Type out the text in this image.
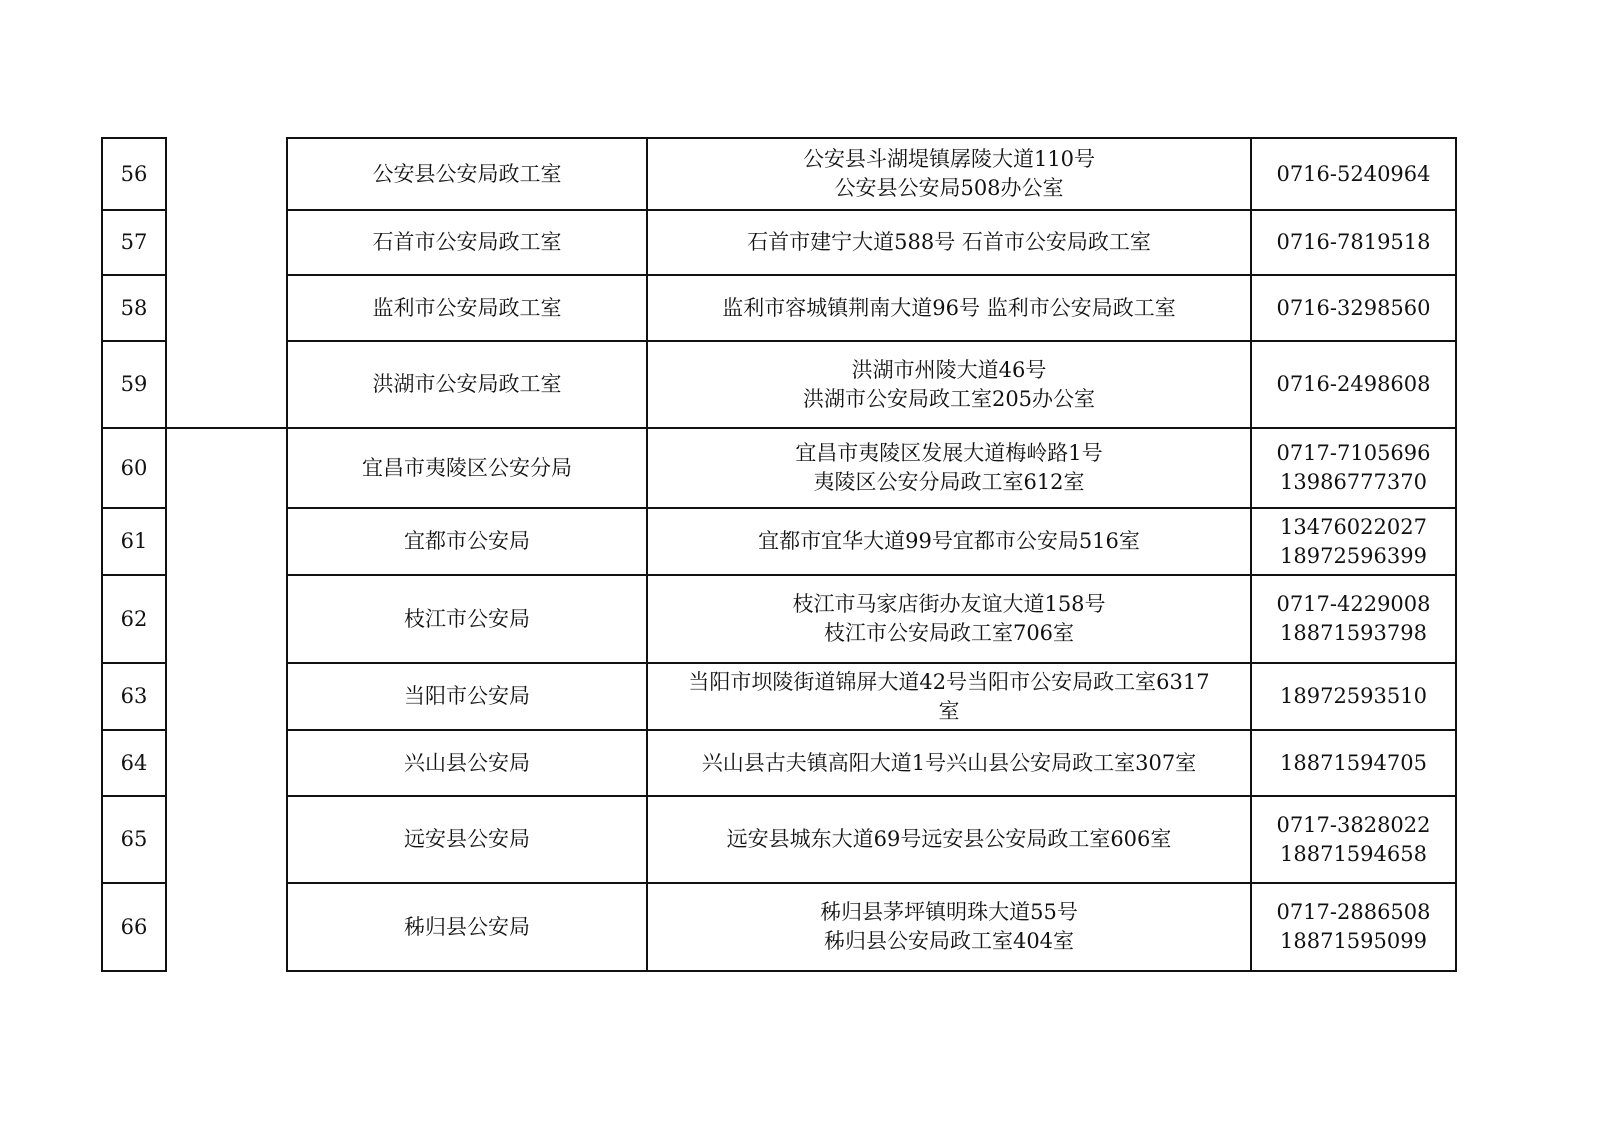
56		公安县公安局政工室	公安县斗湖堤镇孱陵大道110号
公安县公安局508办公室	0716-5240964

57		石首市公安局政工室	石首市建宁大道588号 石首市公安局政工室	0716-7819518

58		监利市公安局政工室	监利市容城镇荆南大道96号 监利市公安局政工室	0716-3298560

59		洪湖市公安局政工室	洪湖市州陵大道46号
洪湖市公安局政工室205办公室	0716-2498608

60		宜昌市夷陵区公安分局	宜昌市夷陵区发展大道梅岭路1号
夷陵区公安分局政工室612室	0717-7105696
13986777370

61		宜都市公安局	宜都市宜华大道99号宜都市公安局516室	13476022027
18972596399

62		枝江市公安局	枝江市马家店街办友谊大道158号
枝江市公安局政工室706室	0717-4229008
18871593798

63		当阳市公安局	当阳市坝陵街道锦屏大道42号当阳市公安局政工室6317
室	18972593510

64		兴山县公安局	兴山县古夫镇高阳大道1号兴山县公安局政工室307室	18871594705

65		远安县公安局	远安县城东大道69号远安县公安局政工室606室	0717-3828022
18871594658

66		秭归县公安局	秭归县茅坪镇明珠大道55号
秭归县公安局政工室404室	0717-2886508
18871595099
